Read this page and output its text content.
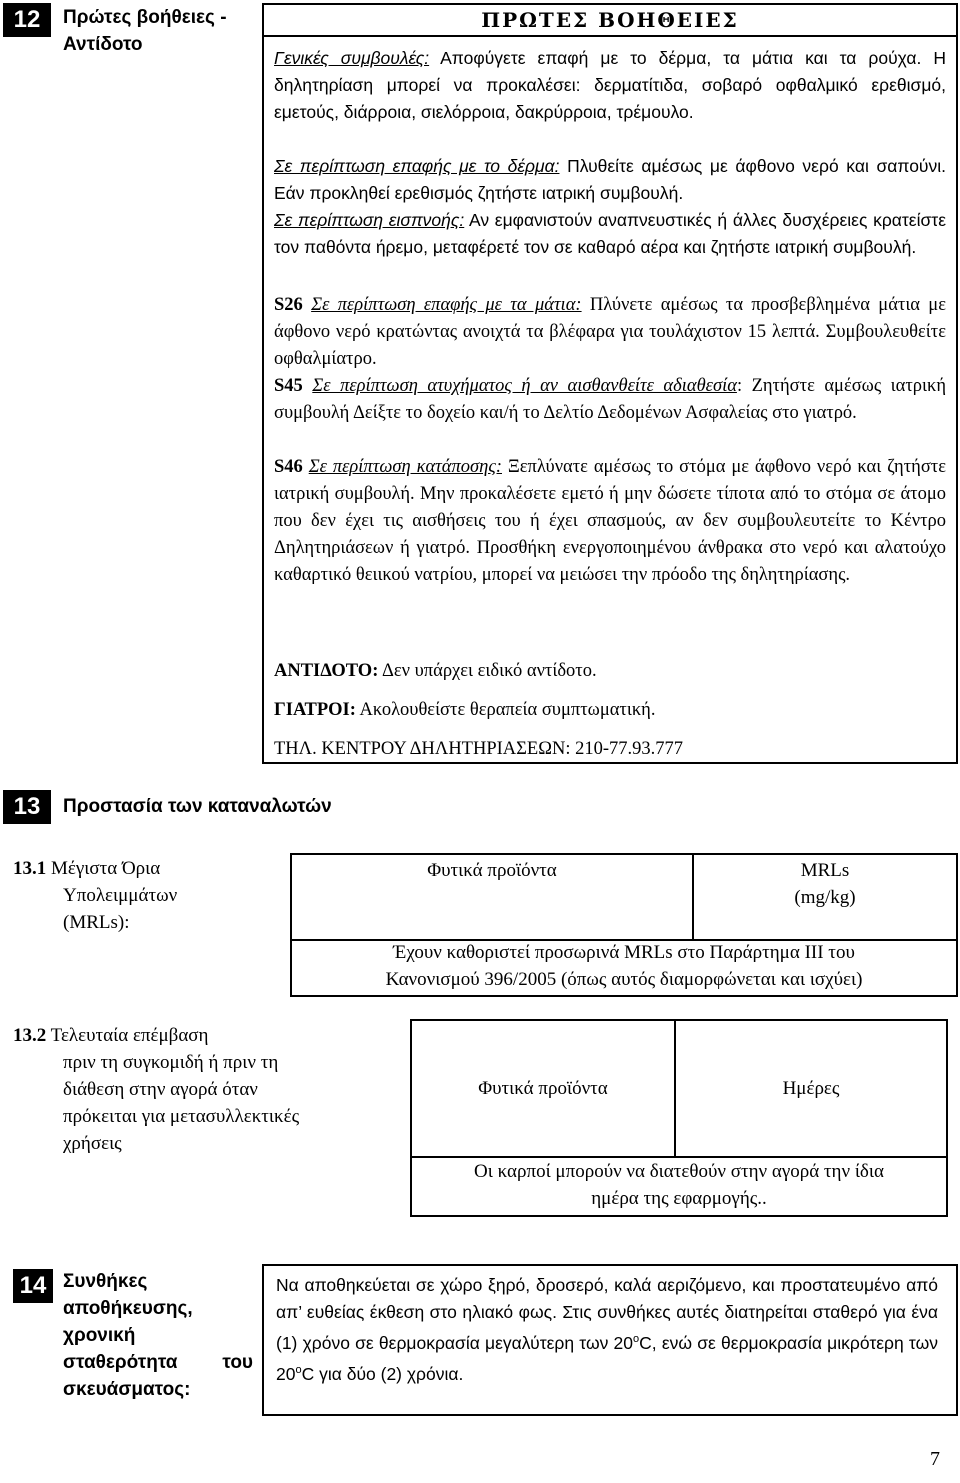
12	Πρώτες βοήθειες -
Αντίδοτο
ΠΡΩΤΕΣ ΒΟΗΘΕΙΕΣ
Γενικές συμβουλές: Αποφύγετε επαφή με το δέρμα, τα μάτια και τα ρούχα. Η δηλητηρίαση μπορεί να προκαλέσει: δερματίτιδα, σοβαρό οφθαλμικό ερεθισμό, εμετούς, διάρροια, σιελόρροια, δακρύρροια, τρέμουλο.
Σε περίπτωση επαφής με το δέρμα: Πλυθείτε αμέσως με άφθονο νερό και σαπούνι. Εάν προκληθεί ερεθισμός ζητήστε ιατρική συμβουλή.
Σε περίπτωση εισπνοής: Αν εμφανιστούν αναπνευστικές ή άλλες δυσχέρειες κρατείστε τον παθόντα ήρεμο, μεταφέρετέ τον σε καθαρό αέρα και ζητήστε ιατρική συμβουλή.
S26 Σε περίπτωση επαφής με τα μάτια: Πλύνετε αμέσως τα προσβεβλημένα μάτια με άφθονο νερό κρατώντας ανοιχτά τα βλέφαρα για τουλάχιστον 15 λεπτά. Συμβουλευθείτε οφθαλμίατρο.
S45 Σε περίπτωση ατυχήματος ή αν αισθανθείτε αδιαθεσία: Ζητήστε αμέσως ιατρική συμβουλή Δείξτε το δοχείο και/ή το Δελτίο Δεδομένων Ασφαλείας στο γιατρό.
S46 Σε περίπτωση κατάποσης: Ξεπλύνατε αμέσως το στόμα με άφθονο νερό και ζητήστε ιατρική συμβουλή. Μην προκαλέσετε εμετό ή μην δώσετε τίποτα από το στόμα σε άτομο που δεν έχει τις αισθήσεις του ή έχει σπασμούς, αν δεν συμβουλευτείτε το Κέντρο Δηλητηριάσεων ή γιατρό. Προσθήκη ενεργοποιημένου άνθρακα στο νερό και αλατούχο καθαρτικό θειικού νατρίου, μπορεί να μειώσει την πρόοδο της δηλητηρίασης.
ΑΝΤΙΔΟΤΟ: Δεν υπάρχει ειδικό αντίδοτο.
ΓΙΑΤΡΟΙ: Ακολουθείστε θεραπεία συμπτωματική.
ΤΗΛ. ΚΕΝΤΡΟΥ ΔΗΛΗΤΗΡΙΑΣΕΩΝ: 210-77.93.777
13	Προστασία των καταναλωτών
13.1 Μέγιστα Όρια
Υπολειμμάτων
(MRLs):
Φυτικά προϊόντα	MRLs
(mg/kg)
Έχουν καθοριστεί προσωρινά MRLs στο Παράρτημα ΙΙΙ του
Κανονισμού 396/2005 (όπως αυτός διαμορφώνεται και ισχύει)
13.2 Τελευταία επέμβαση
πριν τη συγκομιδή ή πριν τη
διάθεση στην αγορά όταν
πρόκειται για μετασυλλεκτικές
χρήσεις
Φυτικά προϊόντα	Ημέρες
Οι καρποί μπορούν να διατεθούν στην αγορά την ίδια
ημέρα της εφαρμογής..
14 Συνθήκες
αποθήκευσης,
χρονική
σταθερότητα του
σκευάσματος:
Να αποθηκεύεται σε χώρο ξηρό, δροσερό, καλά αεριζόμενο, και προστατευμένο από απ’ ευθείας έκθεση στο ηλιακό φως. Στις συνθήκες αυτές διατηρείται σταθερό για ένα (1) χρόνο σε θερμοκρασία μεγαλύτερη των $20^oC$, ενώ σε θερμοκρασία μικρότερη των $20^oC$ για δύο (2) χρόνια.
7
